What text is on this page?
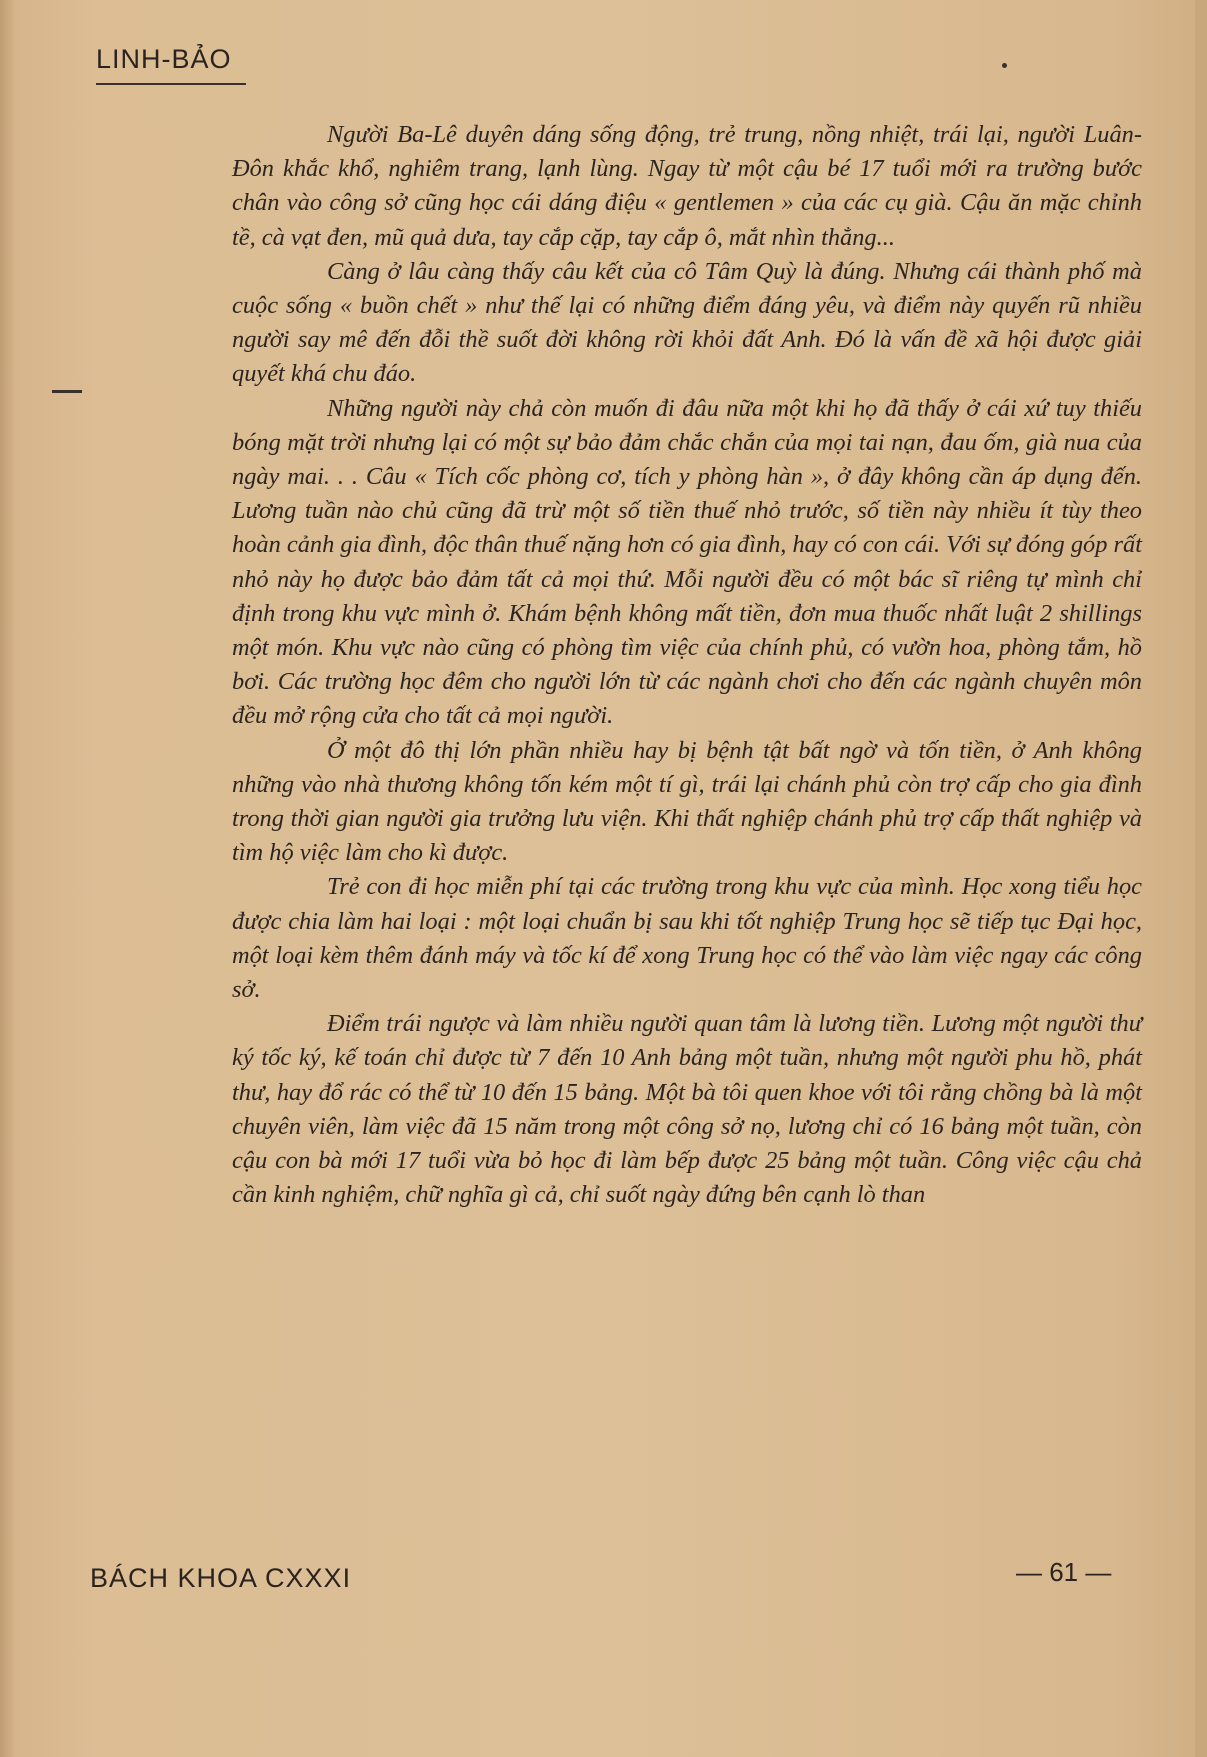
LINH-BẢO

Người Ba-Lê duyên dáng sống động, trẻ trung, nồng nhiệt, trái lại, người Luân-Đôn khắc khổ, nghiêm trang, lạnh lùng. Ngay từ một cậu bé 17 tuổi mới ra trường bước chân vào công sở cũng học cái dáng điệu « gentlemen » của các cụ già. Cậu ăn mặc chỉnh tề, cà vạt đen, mũ quả dưa, tay cắp cặp, tay cắp ô, mắt nhìn thẳng...

Càng ở lâu càng thấy câu kết của cô Tâm Quỳ là đúng. Nhưng cái thành phố mà cuộc sống « buồn chết » như thế lại có những điểm đáng yêu, và điểm này quyến rũ nhiều người say mê đến đỗi thề suốt đời không rời khỏi đất Anh. Đó là vấn đề xã hội được giải quyết khá chu đáo.

Những người này chả còn muốn đi đâu nữa một khi họ đã thấy ở cái xứ tuy thiếu bóng mặt trời nhưng lại có một sự bảo đảm chắc chắn của mọi tai nạn, đau ốm, già nua của ngày mai. . . Câu « Tích cốc phòng cơ, tích y phòng hàn », ở đây không cần áp dụng đến. Lương tuần nào chủ cũng đã trừ một số tiền thuế nhỏ trước, số tiền này nhiều ít tùy theo hoàn cảnh gia đình, độc thân thuế nặng hơn có gia đình, hay có con cái. Với sự đóng góp rất nhỏ này họ được bảo đảm tất cả mọi thứ. Mỗi người đều có một bác sĩ riêng tự mình chỉ định trong khu vực mình ở. Khám bệnh không mất tiền, đơn mua thuốc nhất luật 2 shillings một món. Khu vực nào cũng có phòng tìm việc của chính phủ, có vườn hoa, phòng tắm, hồ bơi. Các trường học đêm cho người lớn từ các ngành chơi cho đến các ngành chuyên môn đều mở rộng cửa cho tất cả mọi người.

Ở một đô thị lớn phần nhiều hay bị bệnh tật bất ngờ và tốn tiền, ở Anh không những vào nhà thương không tốn kém một tí gì, trái lại chánh phủ còn trợ cấp cho gia đình trong thời gian người gia trưởng lưu viện. Khi thất nghiệp chánh phủ trợ cấp thất nghiệp và tìm hộ việc làm cho kì được.

Trẻ con đi học miễn phí tại các trường trong khu vực của mình. Học xong tiểu học được chia làm hai loại : một loại chuẩn bị sau khi tốt nghiệp Trung học sẽ tiếp tục Đại học, một loại kèm thêm đánh máy và tốc kí để xong Trung học có thể vào làm việc ngay các công sở.

Điểm trái ngược và làm nhiều người quan tâm là lương tiền. Lương một người thư ký tốc ký, kế toán chỉ được từ 7 đến 10 Anh bảng một tuần, nhưng một người phu hồ, phát thư, hay đổ rác có thể từ 10 đến 15 bảng. Một bà tôi quen khoe với tôi rằng chồng bà là một chuyên viên, làm việc đã 15 năm trong một công sở nọ, lương chỉ có 16 bảng một tuần, còn cậu con bà mới 17 tuổi vừa bỏ học đi làm bếp được 25 bảng một tuần. Công việc cậu chả cần kinh nghiệm, chữ nghĩa gì cả, chỉ suốt ngày đứng bên cạnh lò than

BÁCH KHOA CXXXI	— 61 —
